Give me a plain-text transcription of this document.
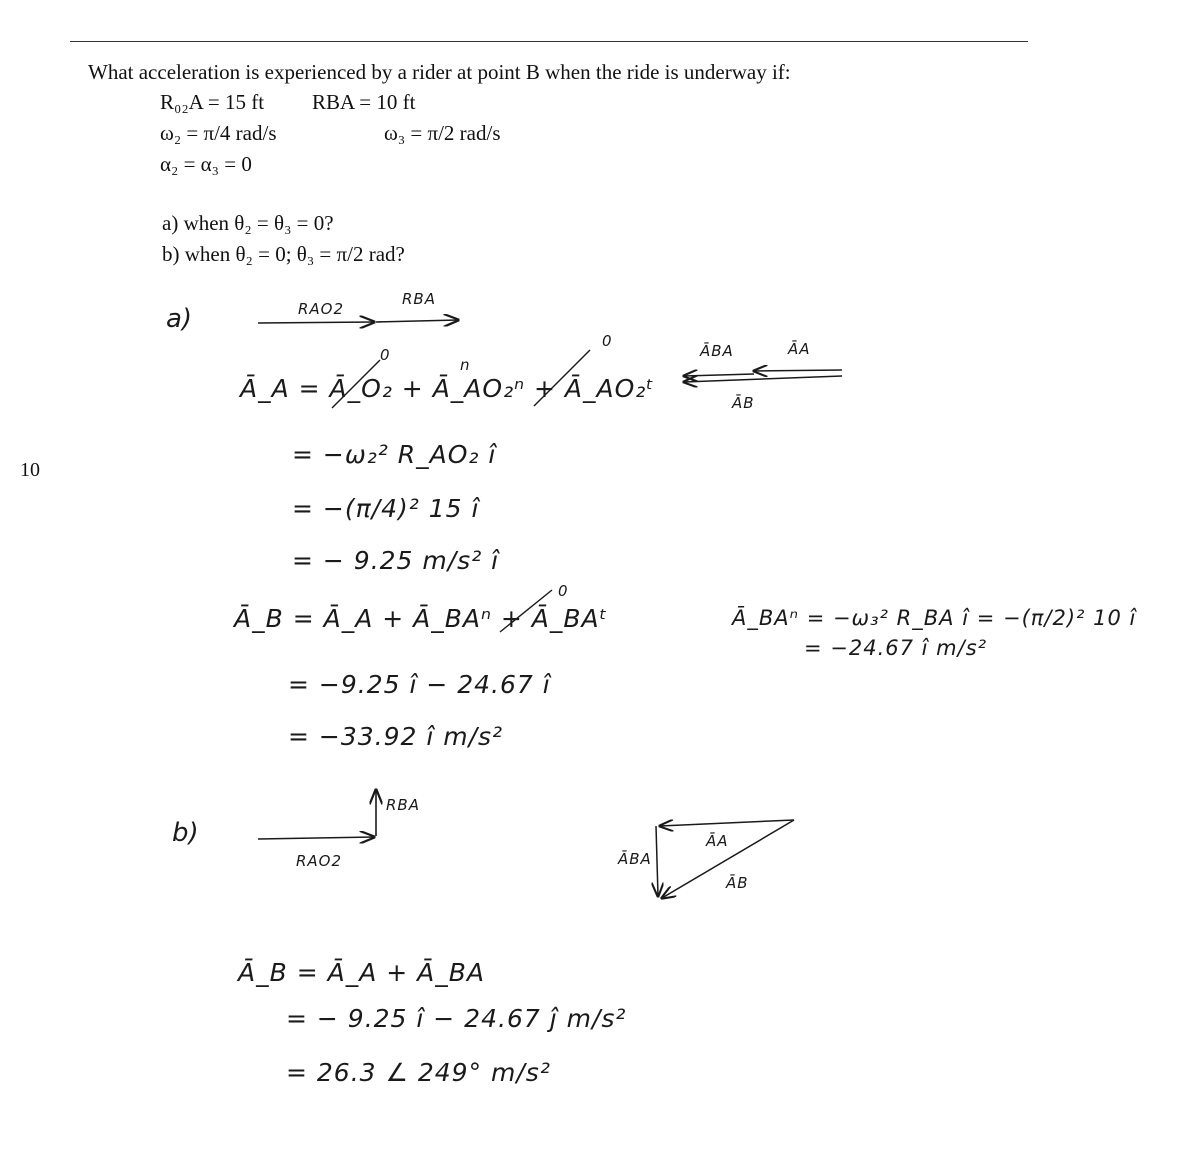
10
What acceleration is experienced by a rider at point B when the ride is underway if:
R₀₂A = 15 ft RBA = 10 ft
ω₂ = π/4 rad/s	ω₃ = π/2 rad/s
α₂ = α₃ = 0
a) when θ₂ = θ₃ = 0?
b) when θ₂ = 0; θ₃ = π/2 rad?
a)	RAO2
RBA
Ā_A = Ā_O₂ + Ā_AO₂ⁿ + Ā_AO₂ᵗ
0
n
0
= −ω₂² R_AO₂ î
= −(π/4)² 15 î
= − 9.25 m/s² î
Ā_B = Ā_A + Ā_BAⁿ + Ā_BAᵗ
0
= −9.25 î − 24.67 î
= −33.92 î m/s²
Ā_BAⁿ = −ω₃² R_BA î = −(π/2)² 10 î
= −24.67 î m/s²
ĀBA	ĀA
ĀB
b)
RBA
RAO2	ĀBA
ĀA
ĀB
Ā_B = Ā_A + Ā_BA
= − 9.25 î − 24.67 ĵ m/s²
= 26.3 ∠ 249° m/s²
